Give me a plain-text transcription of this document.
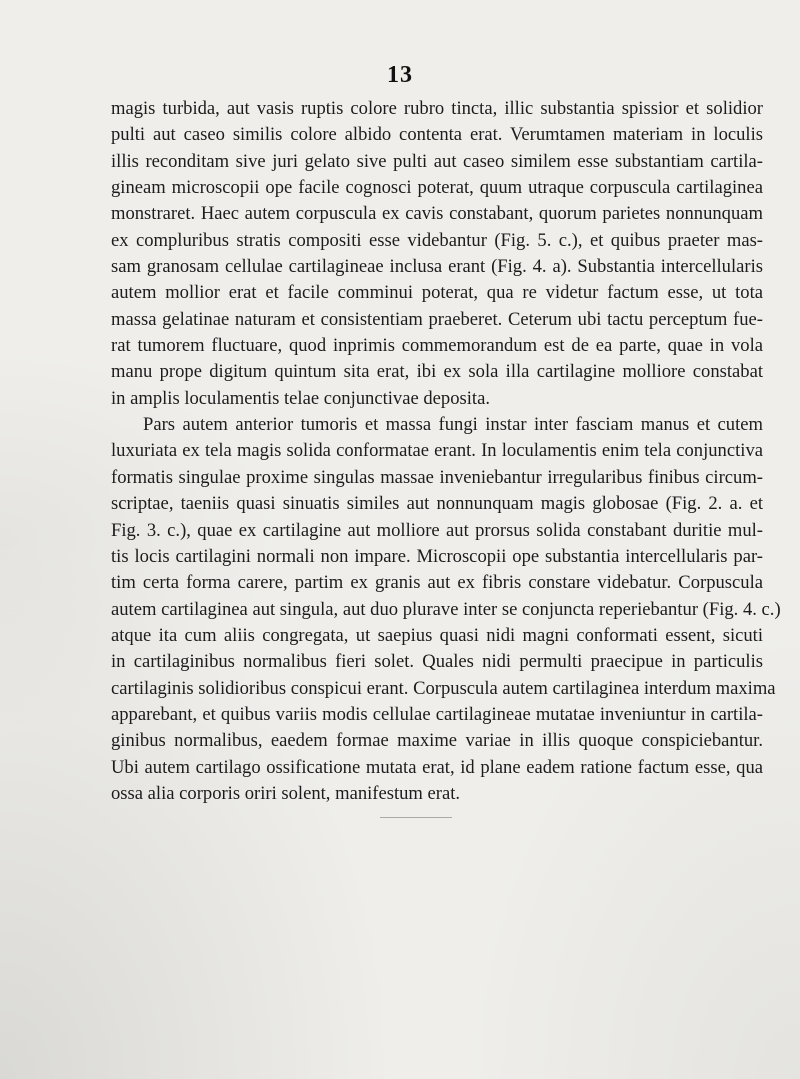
13
magis turbida, aut vasis ruptis colore rubro tincta, illic substantia spissior et solidior
pulti aut caseo similis colore albido contenta erat. Verumtamen materiam in loculis
illis reconditam sive juri gelato sive pulti aut caseo similem esse substantiam cartila-
gineam microscopii ope facile cognosci poterat, quum utraque corpuscula cartilaginea
monstraret. Haec autem corpuscula ex cavis constabant, quorum parietes nonnunquam
ex compluribus stratis compositi esse videbantur (Fig. 5. c.), et quibus praeter mas-
sam granosam cellulae cartilagineae inclusa erant (Fig. 4. a). Substantia intercellularis
autem mollior erat et facile comminui poterat, qua re videtur factum esse, ut tota
massa gelatinae naturam et consistentiam praeberet. Ceterum ubi tactu perceptum fue-
rat tumorem fluctuare, quod inprimis commemorandum est de ea parte, quae in vola
manu prope digitum quintum sita erat, ibi ex sola illa cartilagine molliore constabat
in amplis loculamentis telae conjunctivae deposita.
Pars autem anterior tumoris et massa fungi instar inter fasciam manus et cutem
luxuriata ex tela magis solida conformatae erant. In loculamentis enim tela conjunctiva
formatis singulae proxime singulas massae inveniebantur irregularibus finibus circum-
scriptae, taeniis quasi sinuatis similes aut nonnunquam magis globosae (Fig. 2. a. et
Fig. 3. c.), quae ex cartilagine aut molliore aut prorsus solida constabant duritie mul-
tis locis cartilagini normali non impare. Microscopii ope substantia intercellularis par-
tim certa forma carere, partim ex granis aut ex fibris constare videbatur. Corpuscula
autem cartilaginea aut singula, aut duo plurave inter se conjuncta reperiebantur (Fig. 4. c.)
atque ita cum aliis congregata, ut saepius quasi nidi magni conformati essent, sicuti
in cartilaginibus normalibus fieri solet. Quales nidi permulti praecipue in particulis
cartilaginis solidioribus conspicui erant. Corpuscula autem cartilaginea interdum maxima
apparebant, et quibus variis modis cellulae cartilagineae mutatae inveniuntur in cartila-
ginibus normalibus, eaedem formae maxime variae in illis quoque conspiciebantur.
Ubi autem cartilago ossificatione mutata erat, id plane eadem ratione factum esse, qua
ossa alia corporis oriri solent, manifestum erat.
